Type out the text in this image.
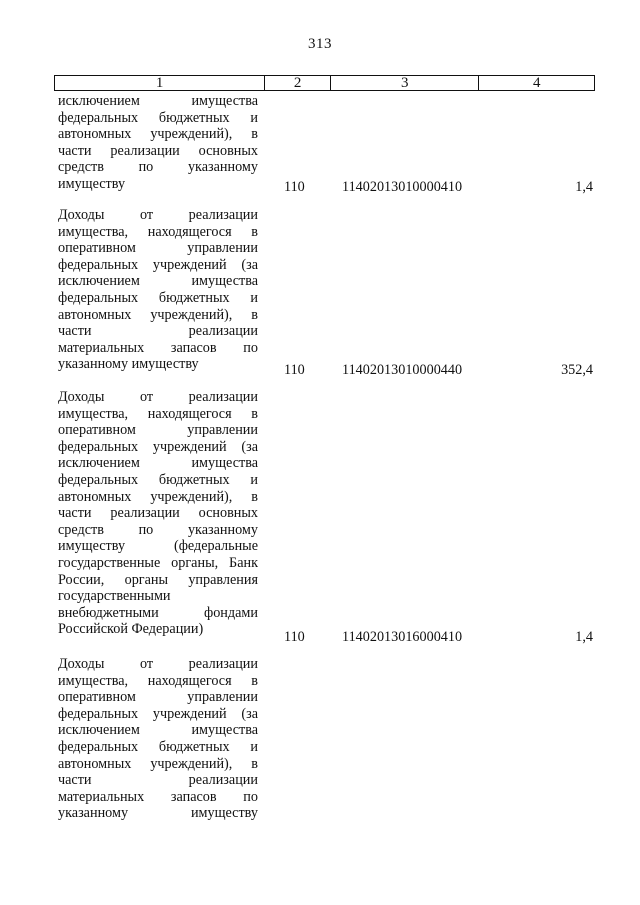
313
1	2	3	4
исключением имущества
федеральных бюджетных и
автономных учреждений), в
части реализации основных
средств по указанному
имуществу	110	11402013010000410	1,4
Доходы от реализации
имущества, находящегося в
оперативном управлении
федеральных учреждений (за
исключением имущества
федеральных бюджетных и
автономных учреждений), в
части реализации
материальных запасов по
указанному имуществу	110	11402013010000440	352,4
Доходы от реализации
имущества, находящегося в
оперативном управлении
федеральных учреждений (за
исключением имущества
федеральных бюджетных и
автономных учреждений), в
части реализации основных
средств по указанному
имуществу (федеральные
государственные органы, Банк
России, органы управления
государственными
внебюджетными фондами
Российской Федерации)	110	11402013016000410	1,4
Доходы от реализации
имущества, находящегося в
оперативном управлении
федеральных учреждений (за
исключением имущества
федеральных бюджетных и
автономных учреждений), в
части реализации
материальных запасов по
указанному имуществу
